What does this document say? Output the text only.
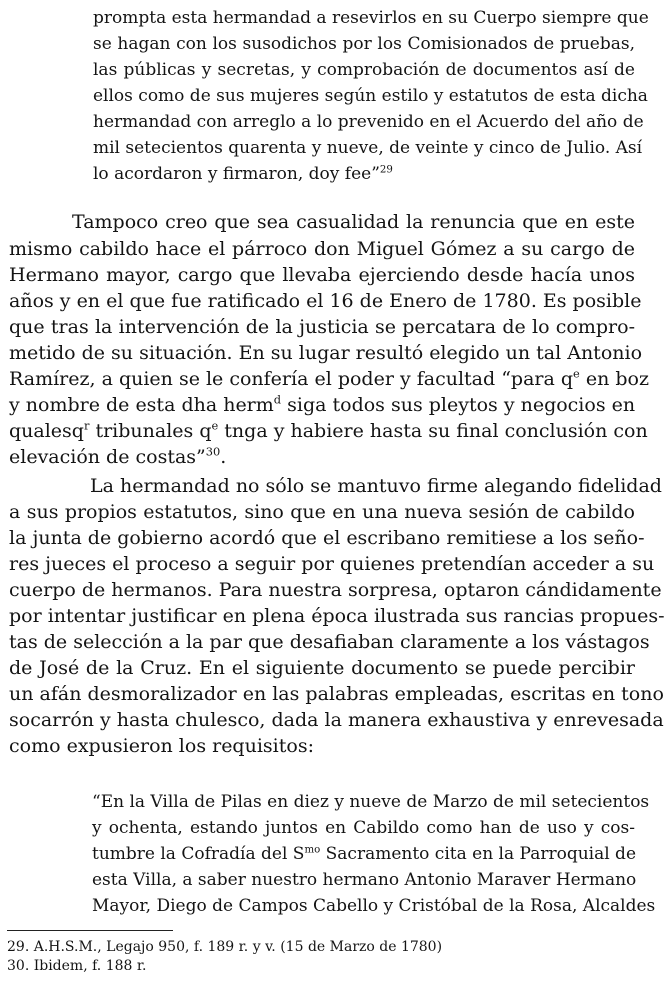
prompta esta hermandad a resevirlos en su Cuerpo siempre que
se hagan con los susodichos por los Comisionados de pruebas,
las públicas y secretas, y comprobación de documentos así de
ellos como de sus mujeres según estilo y estatutos de esta dicha
hermandad con arreglo a lo prevenido en el Acuerdo del año de
mil setecientos quarenta y nueve, de veinte y cinco de Julio. Así
lo acordaron y firmaron, doy fee”$^{29}$
Tampoco creo que sea casualidad la renuncia que en este
mismo cabildo hace el párroco don Miguel Gómez a su cargo de
Hermano mayor, cargo que llevaba ejerciendo desde hacía unos
años y en el que fue ratificado el 16 de Enero de 1780. Es posible
que tras la intervención de la justicia se percatara de lo compro-
metido de su situación. En su lugar resultó elegido un tal Antonio
Ramírez, a quien se le confería el poder y facultad “para $q^e$ en boz
y nombre de esta dha herm$^d$ siga todos sus pleytos y negocios en
qualesq$^r$ tribunales $q^e$ tnga y habiere hasta su final conclusión con
elevación de costas”$^{30}$.
La hermandad no sólo se mantuvo firme alegando fidelidad
a sus propios estatutos, sino que en una nueva sesión de cabildo
la junta de gobierno acordó que el escribano remitiese a los seño-
res jueces el proceso a seguir por quienes pretendían acceder a su
cuerpo de hermanos. Para nuestra sorpresa, optaron cándidamente
por intentar justificar en plena época ilustrada sus rancias propues-
tas de selección a la par que desafiaban claramente a los vástagos
de José de la Cruz. En el siguiente documento se puede percibir
un afán desmoralizador en las palabras empleadas, escritas en tono
socarrón y hasta chulesco, dada la manera exhaustiva y enrevesada
como expusieron los requisitos:
“En la Villa de Pilas en diez y nueve de Marzo de mil setecientos
y ochenta, estando juntos en Cabildo como han de uso y cos-
tumbre la Cofradía del $S^{mo}$ Sacramento cita en la Parroquial de
esta Villa, a saber nuestro hermano Antonio Maraver Hermano
Mayor, Diego de Campos Cabello y Cristóbal de la Rosa, Alcaldes
29. A.H.S.M., Legajo 950, f. 189 r. y v. (15 de Marzo de 1780)
30. Ibidem, f. 188 r.
